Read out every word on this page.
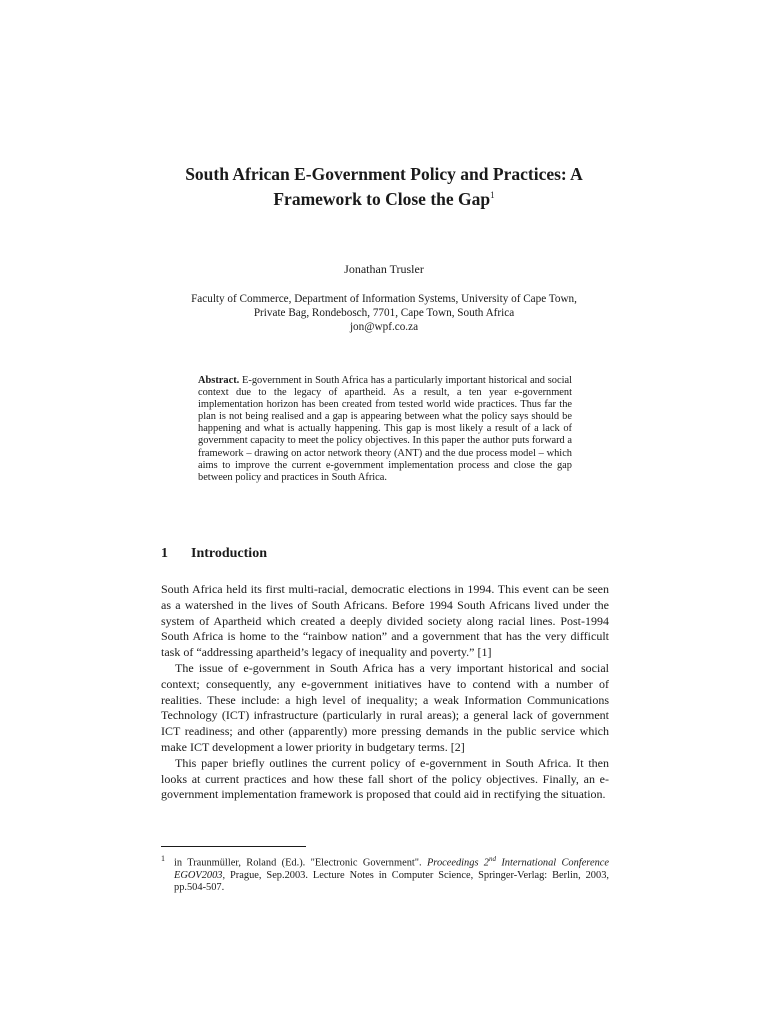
South African E-Government Policy and Practices: A
Framework to Close the Gap$^1$
Jonathan Trusler
Faculty of Commerce, Department of Information Systems, University of Cape Town,
Private Bag, Rondebosch, 7701, Cape Town, South Africa
jon@wpf.co.za
Abstract. E-government in South Africa has a particularly important historical and social context due to the legacy of apartheid. As a result, a ten year e-government implementation horizon has been created from tested world wide practices. Thus far the plan is not being realised and a gap is appearing between what the policy says should be happening and what is actually happening. This gap is most likely a result of a lack of government capacity to meet the policy objectives. In this paper the author puts forward a framework – drawing on actor network theory (ANT) and the due process model – which aims to improve the current e-government implementation process and close the gap between policy and practices in South Africa.
1	Introduction

South Africa held its first multi-racial, democratic elections in 1994. This event can be seen as a watershed in the lives of South Africans. Before 1994 South Africans lived under the system of Apartheid which created a deeply divided society along racial lines. Post-1994 South Africa is home to the “rainbow nation” and a government that has the very difficult task of “addressing apartheid’s legacy of inequality and poverty.” [1]

The issue of e-government in South Africa has a very important historical and social context; consequently, any e-government initiatives have to contend with a number of realities. These include: a high level of inequality; a weak Information Communications Technology (ICT) infrastructure (particularly in rural areas); a general lack of government ICT readiness; and other (apparently) more pressing demands in the public service which make ICT development a lower priority in budgetary terms. [2]

This paper briefly outlines the current policy of e-government in South Africa. It then looks at current practices and how these fall short of the policy objectives. Finally, an e-government implementation framework is proposed that could aid in rectifying the situation.

1 in Traunmüller, Roland (Ed.). "Electronic Government". Proceedings 2nd International Conference EGOV2003, Prague, Sep.2003. Lecture Notes in Computer Science, Springer-Verlag: Berlin, 2003, pp.504-507.
